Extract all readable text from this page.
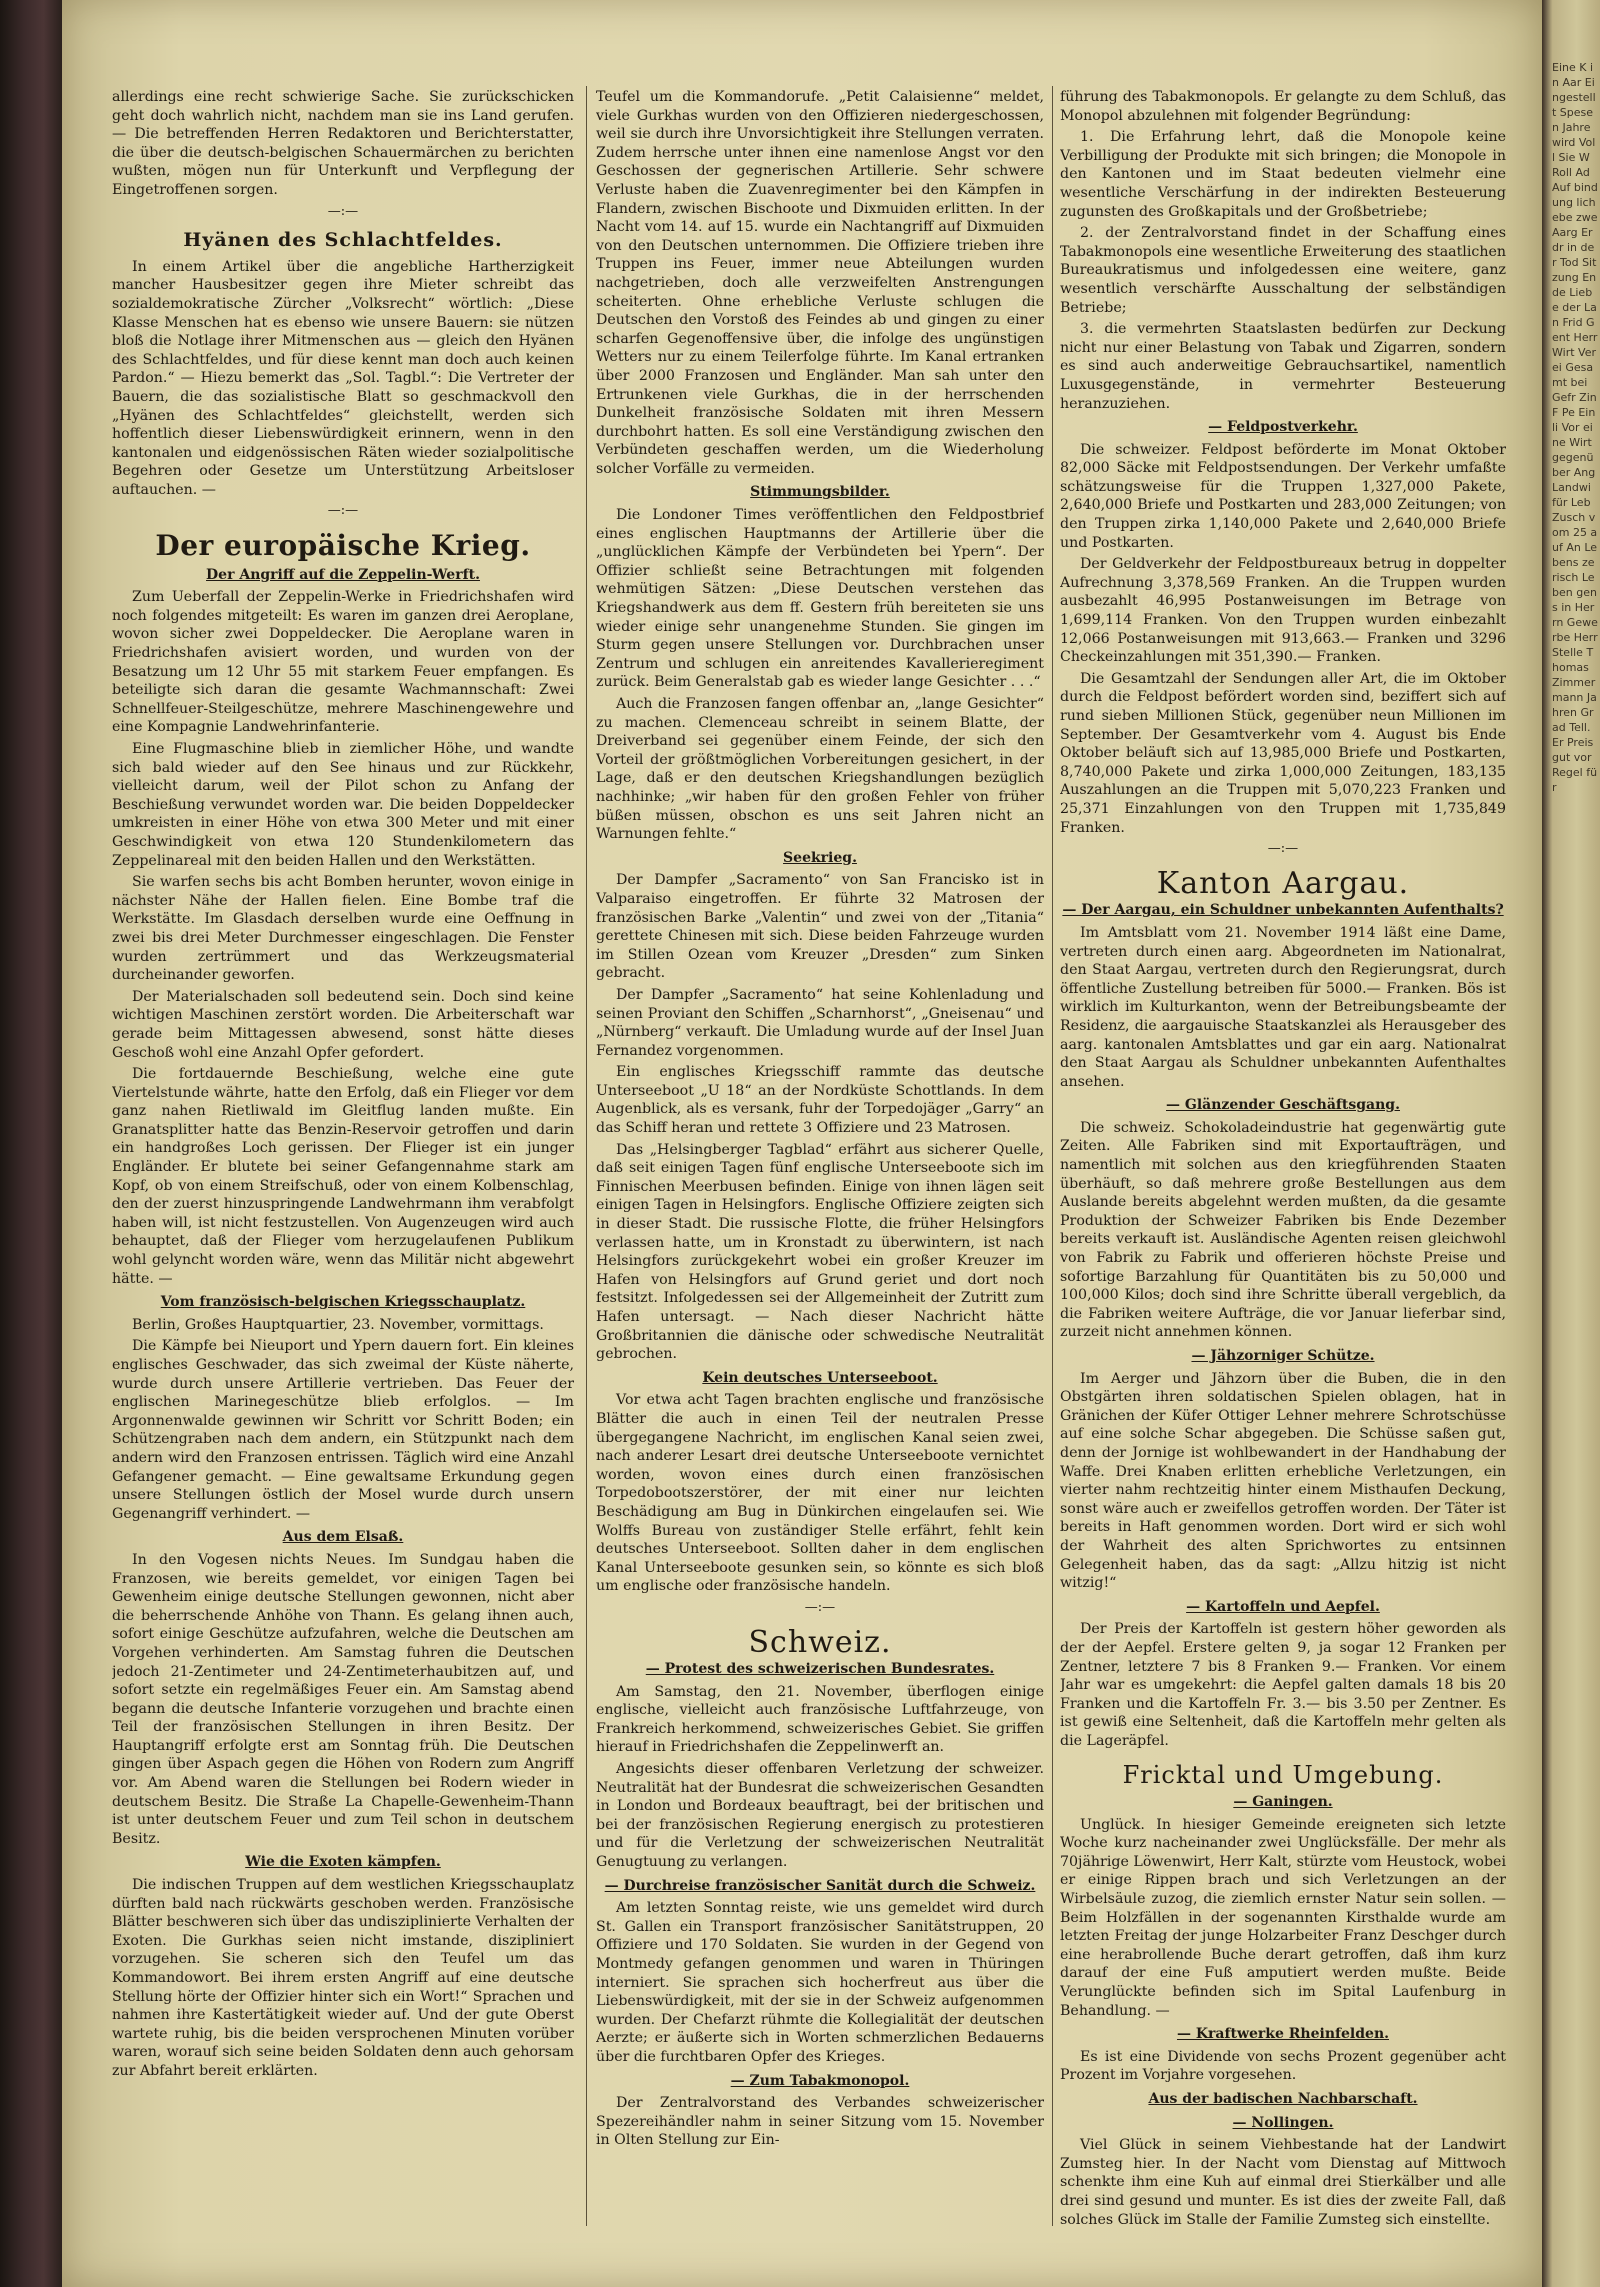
allerdings eine recht schwierige Sache. Sie zurückschicken geht doch wahrlich nicht, nachdem man sie ins Land gerufen. — Die betreffenden Herren Redaktoren und Berichterstatter, die über die deutsch-belgischen Schauermärchen zu berichten wußten, mögen nun für Unterkunft und Verpflegung der Eingetroffenen sorgen.

—:—
Hyänen des Schlachtfeldes.

In einem Artikel über die angebliche Hartherzigkeit mancher Hausbesitzer gegen ihre Mieter schreibt das sozialdemokratische Zürcher „Volksrecht“ wörtlich: „Diese Klasse Menschen hat es ebenso wie unsere Bauern: sie nützen bloß die Notlage ihrer Mitmenschen aus — gleich den Hyänen des Schlachtfeldes, und für diese kennt man doch auch keinen Pardon.“ — Hiezu bemerkt das „Sol. Tagbl.“: Die Vertreter der Bauern, die das sozialistische Blatt so geschmackvoll den „Hyänen des Schlachtfeldes“ gleichstellt, werden sich hoffentlich dieser Liebenswürdigkeit erinnern, wenn in den kantonalen und eidgenössischen Räten wieder sozialpolitische Begehren oder Gesetze um Unterstützung Arbeitsloser auftauchen. —

—:—
Der europäische Krieg.
Der Angriff auf die Zeppelin-Werft.

Zum Ueberfall der Zeppelin-Werke in Friedrichshafen wird noch folgendes mitgeteilt: Es waren im ganzen drei Aeroplane, wovon sicher zwei Doppeldecker. Die Aeroplane waren in Friedrichshafen avisiert worden, und wurden von der Besatzung um 12 Uhr 55 mit starkem Feuer empfangen. Es beteiligte sich daran die gesamte Wachmannschaft: Zwei Schnellfeuer-Steilgeschütze, mehrere Maschinengewehre und eine Kompagnie Landwehrinfanterie.

Eine Flugmaschine blieb in ziemlicher Höhe, und wandte sich bald wieder auf den See hinaus und zur Rückkehr, vielleicht darum, weil der Pilot schon zu Anfang der Beschießung verwundet worden war. Die beiden Doppeldecker umkreisten in einer Höhe von etwa 300 Meter und mit einer Geschwindigkeit von etwa 120 Stundenkilometern das Zeppelinareal mit den beiden Hallen und den Werkstätten.

Sie warfen sechs bis acht Bomben herunter, wovon einige in nächster Nähe der Hallen fielen. Eine Bombe traf die Werkstätte. Im Glasdach derselben wurde eine Oeffnung in zwei bis drei Meter Durchmesser eingeschlagen. Die Fenster wurden zertrümmert und das Werkzeugsmaterial durcheinander geworfen.

Der Materialschaden soll bedeutend sein. Doch sind keine wichtigen Maschinen zerstört worden. Die Arbeiterschaft war gerade beim Mittagessen abwesend, sonst hätte dieses Geschoß wohl eine Anzahl Opfer gefordert.

Die fortdauernde Beschießung, welche eine gute Viertelstunde währte, hatte den Erfolg, daß ein Flieger vor dem ganz nahen Rietliwald im Gleitflug landen mußte. Ein Granatsplitter hatte das Benzin-Reservoir getroffen und darin ein handgroßes Loch gerissen. Der Flieger ist ein junger Engländer. Er blutete bei seiner Gefangennahme stark am Kopf, ob von einem Streifschuß, oder von einem Kolbenschlag, den der zuerst hinzuspringende Landwehrmann ihm verabfolgt haben will, ist nicht festzustellen. Von Augenzeugen wird auch behauptet, daß der Flieger vom herzugelaufenen Publikum wohl gelyncht worden wäre, wenn das Militär nicht abgewehrt hätte. —

Vom französisch-belgischen Kriegsschauplatz.

Berlin, Großes Hauptquartier, 23. November, vormittags.

Die Kämpfe bei Nieuport und Ypern dauern fort. Ein kleines englisches Geschwader, das sich zweimal der Küste näherte, wurde durch unsere Artillerie vertrieben. Das Feuer der englischen Marinegeschütze blieb erfolglos. — Im Argonnenwalde gewinnen wir Schritt vor Schritt Boden; ein Schützengraben nach dem andern, ein Stützpunkt nach dem andern wird den Franzosen entrissen. Täglich wird eine Anzahl Gefangener gemacht. — Eine gewaltsame Erkundung gegen unsere Stellungen östlich der Mosel wurde durch unsern Gegenangriff verhindert. —

Aus dem Elsaß.

In den Vogesen nichts Neues. Im Sundgau haben die Franzosen, wie bereits gemeldet, vor einigen Tagen bei Gewenheim einige deutsche Stellungen gewonnen, nicht aber die beherrschende Anhöhe von Thann. Es gelang ihnen auch, sofort einige Geschütze aufzufahren, welche die Deutschen am Vorgehen verhinderten. Am Samstag fuhren die Deutschen jedoch 21-Zentimeter und 24-Zentimeterhaubitzen auf, und sofort setzte ein regelmäßiges Feuer ein. Am Samstag abend begann die deutsche Infanterie vorzugehen und brachte einen Teil der französischen Stellungen in ihren Besitz. Der Hauptangriff erfolgte erst am Sonntag früh. Die Deutschen gingen über Aspach gegen die Höhen von Rodern zum Angriff vor. Am Abend waren die Stellungen bei Rodern wieder in deutschem Besitz. Die Straße La Chapelle-Gewenheim-Thann ist unter deutschem Feuer und zum Teil schon in deutschem Besitz.

Wie die Exoten kämpfen.

Die indischen Truppen auf dem westlichen Kriegsschauplatz dürften bald nach rückwärts geschoben werden. Französische Blätter beschweren sich über das undisziplinierte Verhalten der Exoten. Die Gurkhas seien nicht imstande, diszipliniert vorzugehen. Sie scheren sich den Teufel um das Kommandowort. Bei ihrem ersten Angriff auf eine deutsche Stellung hörte der Offizier hinter sich ein Wort!“ Sprachen und nahmen ihre Kastertätigkeit wieder auf. Und der gute Oberst wartete ruhig, bis die beiden versprochenen Minuten vorüber waren, worauf sich seine beiden Soldaten denn auch gehorsam zur Abfahrt bereit erklärten.

Teufel um die Kommandorufe. „Petit Calaisienne“ meldet, viele Gurkhas wurden von den Offizieren niedergeschossen, weil sie durch ihre Unvorsichtigkeit ihre Stellungen verraten. Zudem herrsche unter ihnen eine namenlose Angst vor den Geschossen der gegnerischen Artillerie. Sehr schwere Verluste haben die Zuavenregimenter bei den Kämpfen in Flandern, zwischen Bischoote und Dixmuiden erlitten. In der Nacht vom 14. auf 15. wurde ein Nachtangriff auf Dixmuiden von den Deutschen unternommen. Die Offiziere trieben ihre Truppen ins Feuer, immer neue Abteilungen wurden nachgetrieben, doch alle verzweifelten Anstrengungen scheiterten. Ohne erhebliche Verluste schlugen die Deutschen den Vorstoß des Feindes ab und gingen zu einer scharfen Gegenoffensive über, die infolge des ungünstigen Wetters nur zu einem Teilerfolge führte. Im Kanal ertranken über 2000 Franzosen und Engländer. Man sah unter den Ertrunkenen viele Gurkhas, die in der herrschenden Dunkelheit französische Soldaten mit ihren Messern durchbohrt hatten. Es soll eine Verständigung zwischen den Verbündeten geschaffen werden, um die Wiederholung solcher Vorfälle zu vermeiden.

Stimmungsbilder.

Die Londoner Times veröffentlichen den Feldpostbrief eines englischen Hauptmanns der Artillerie über die „unglücklichen Kämpfe der Verbündeten bei Ypern“. Der Offizier schließt seine Betrachtungen mit folgenden wehmütigen Sätzen: „Diese Deutschen verstehen das Kriegshandwerk aus dem ff. Gestern früh bereiteten sie uns wieder einige sehr unangenehme Stunden. Sie gingen im Sturm gegen unsere Stellungen vor. Durchbrachen unser Zentrum und schlugen ein anreitendes Kavallerieregiment zurück. Beim Generalstab gab es wieder lange Gesichter . . .“

Auch die Franzosen fangen offenbar an, „lange Gesichter“ zu machen. Clemenceau schreibt in seinem Blatte, der Dreiverband sei gegenüber einem Feinde, der sich den Vorteil der größtmöglichen Vorbereitungen gesichert, in der Lage, daß er den deutschen Kriegshandlungen bezüglich nachhinke; „wir haben für den großen Fehler von früher büßen müssen, obschon es uns seit Jahren nicht an Warnungen fehlte.“

Seekrieg.

Der Dampfer „Sacramento“ von San Francisko ist in Valparaiso eingetroffen. Er führte 32 Matrosen der französischen Barke „Valentin“ und zwei von der „Titania“ gerettete Chinesen mit sich. Diese beiden Fahrzeuge wurden im Stillen Ozean vom Kreuzer „Dresden“ zum Sinken gebracht.

Der Dampfer „Sacramento“ hat seine Kohlenladung und seinen Proviant den Schiffen „Scharnhorst“, „Gneisenau“ und „Nürnberg“ verkauft. Die Umladung wurde auf der Insel Juan Fernandez vorgenommen.

Ein englisches Kriegsschiff rammte das deutsche Unterseeboot „U 18“ an der Nordküste Schottlands. In dem Augenblick, als es versank, fuhr der Torpedojäger „Garry“ an das Schiff heran und rettete 3 Offiziere und 23 Matrosen.

Das „Helsingberger Tagblad“ erfährt aus sicherer Quelle, daß seit einigen Tagen fünf englische Unterseeboote sich im Finnischen Meerbusen befinden. Einige von ihnen lägen seit einigen Tagen in Helsingfors. Englische Offiziere zeigten sich in dieser Stadt. Die russische Flotte, die früher Helsingfors verlassen hatte, um in Kronstadt zu überwintern, ist nach Helsingfors zurückgekehrt wobei ein großer Kreuzer im Hafen von Helsingfors auf Grund geriet und dort noch festsitzt. Infolgedessen sei der Allgemeinheit der Zutritt zum Hafen untersagt. — Nach dieser Nachricht hätte Großbritannien die dänische oder schwedische Neutralität gebrochen.

Kein deutsches Unterseeboot.

Vor etwa acht Tagen brachten englische und französische Blätter die auch in einen Teil der neutralen Presse übergegangene Nachricht, im englischen Kanal seien zwei, nach anderer Lesart drei deutsche Unterseeboote vernichtet worden, wovon eines durch einen französischen Torpedobootszerstörer, der mit einer nur leichten Beschädigung am Bug in Dünkirchen eingelaufen sei. Wie Wolffs Bureau von zuständiger Stelle erfährt, fehlt kein deutsches Unterseeboot. Sollten daher in dem englischen Kanal Unterseeboote gesunken sein, so könnte es sich bloß um englische oder französische handeln.

—:—
Schweiz.
— Protest des schweizerischen Bundesrates.

Am Samstag, den 21. November, überflogen einige englische, vielleicht auch französische Luftfahrzeuge, von Frankreich herkommend, schweizerisches Gebiet. Sie griffen hierauf in Friedrichshafen die Zeppelinwerft an.

Angesichts dieser offenbaren Verletzung der schweizer. Neutralität hat der Bundesrat die schweizerischen Gesandten in London und Bordeaux beauftragt, bei der britischen und bei der französischen Regierung energisch zu protestieren und für die Verletzung der schweizerischen Neutralität Genugtuung zu verlangen.

— Durchreise französischer Sanität durch die Schweiz.

Am letzten Sonntag reiste, wie uns gemeldet wird durch St. Gallen ein Transport französischer Sanitätstruppen, 20 Offiziere und 170 Soldaten. Sie wurden in der Gegend von Montmedy gefangen genommen und waren in Thüringen interniert. Sie sprachen sich hocherfreut aus über die Liebenswürdigkeit, mit der sie in der Schweiz aufgenommen wurden. Der Chefarzt rühmte die Kollegialität der deutschen Aerzte; er äußerte sich in Worten schmerzlichen Bedauerns über die furchtbaren Opfer des Krieges.

— Zum Tabakmonopol.

Der Zentralvorstand des Verbandes schweizerischer Spezereihändler nahm in seiner Sitzung vom 15. November in Olten Stellung zur Ein-

führung des Tabakmonopols. Er gelangte zu dem Schluß, das Monopol abzulehnen mit folgender Begründung:

1. Die Erfahrung lehrt, daß die Monopole keine Verbilligung der Produkte mit sich bringen; die Monopole in den Kantonen und im Staat bedeuten vielmehr eine wesentliche Verschärfung in der indirekten Besteuerung zugunsten des Großkapitals und der Großbetriebe;

2. der Zentralvorstand findet in der Schaffung eines Tabakmonopols eine wesentliche Erweiterung des staatlichen Bureaukratismus und infolgedessen eine weitere, ganz wesentlich verschärfte Ausschaltung der selbständigen Betriebe;

3. die vermehrten Staatslasten bedürfen zur Deckung nicht nur einer Belastung von Tabak und Zigarren, sondern es sind auch anderweitige Gebrauchsartikel, namentlich Luxusgegenstände, in vermehrter Besteuerung heranzuziehen.

— Feldpostverkehr.

Die schweizer. Feldpost beförderte im Monat Oktober 82,000 Säcke mit Feldpostsendungen. Der Verkehr umfaßte schätzungsweise für die Truppen 1,327,000 Pakete, 2,640,000 Briefe und Postkarten und 283,000 Zeitungen; von den Truppen zirka 1,140,000 Pakete und 2,640,000 Briefe und Postkarten.

Der Geldverkehr der Feldpostbureaux betrug in doppelter Aufrechnung 3,378,569 Franken. An die Truppen wurden ausbezahlt 46,995 Postanweisungen im Betrage von 1,699,114 Franken. Von den Truppen wurden einbezahlt 12,066 Postanweisungen mit 913,663.— Franken und 3296 Checkeinzahlungen mit 351,390.— Franken.

Die Gesamtzahl der Sendungen aller Art, die im Oktober durch die Feldpost befördert worden sind, beziffert sich auf rund sieben Millionen Stück, gegenüber neun Millionen im September. Der Gesamtverkehr vom 4. August bis Ende Oktober beläuft sich auf 13,985,000 Briefe und Postkarten, 8,740,000 Pakete und zirka 1,000,000 Zeitungen, 183,135 Auszahlungen an die Truppen mit 5,070,223 Franken und 25,371 Einzahlungen von den Truppen mit 1,735,849 Franken.

—:—
Kanton Aargau.
— Der Aargau, ein Schuldner unbekannten Aufenthalts?

Im Amtsblatt vom 21. November 1914 läßt eine Dame, vertreten durch einen aarg. Abgeordneten im Nationalrat, den Staat Aargau, vertreten durch den Regierungsrat, durch öffentliche Zustellung betreiben für 5000.— Franken. Bös ist wirklich im Kulturkanton, wenn der Betreibungsbeamte der Residenz, die aargauische Staatskanzlei als Herausgeber des aarg. kantonalen Amtsblattes und gar ein aarg. Nationalrat den Staat Aargau als Schuldner unbekannten Aufenthaltes ansehen.

— Glänzender Geschäftsgang.

Die schweiz. Schokoladeindustrie hat gegenwärtig gute Zeiten. Alle Fabriken sind mit Exportaufträgen, und namentlich mit solchen aus den kriegführenden Staaten überhäuft, so daß mehrere große Bestellungen aus dem Auslande bereits abgelehnt werden mußten, da die gesamte Produktion der Schweizer Fabriken bis Ende Dezember bereits verkauft ist. Ausländische Agenten reisen gleichwohl von Fabrik zu Fabrik und offerieren höchste Preise und sofortige Barzahlung für Quantitäten bis zu 50,000 und 100,000 Kilos; doch sind ihre Schritte überall vergeblich, da die Fabriken weitere Aufträge, die vor Januar lieferbar sind, zurzeit nicht annehmen können.

— Jähzorniger Schütze.

Im Aerger und Jähzorn über die Buben, die in den Obstgärten ihren soldatischen Spielen oblagen, hat in Gränichen der Küfer Ottiger Lehner mehrere Schrotschüsse auf eine solche Schar abgegeben. Die Schüsse saßen gut, denn der Jornige ist wohlbewandert in der Handhabung der Waffe. Drei Knaben erlitten erhebliche Verletzungen, ein vierter nahm rechtzeitig hinter einem Misthaufen Deckung, sonst wäre auch er zweifellos getroffen worden. Der Täter ist bereits in Haft genommen worden. Dort wird er sich wohl der Wahrheit des alten Sprichwortes zu entsinnen Gelegenheit haben, das da sagt: „Allzu hitzig ist nicht witzig!“

— Kartoffeln und Aepfel.

Der Preis der Kartoffeln ist gestern höher geworden als der der Aepfel. Erstere gelten 9, ja sogar 12 Franken per Zentner, letztere 7 bis 8 Franken 9.— Franken. Vor einem Jahr war es umgekehrt: die Aepfel galten damals 18 bis 20 Franken und die Kartoffeln Fr. 3.— bis 3.50 per Zentner. Es ist gewiß eine Seltenheit, daß die Kartoffeln mehr gelten als die Lageräpfel.

Fricktal und Umgebung.
— Ganingen.

Unglück. In hiesiger Gemeinde ereigneten sich letzte Woche kurz nacheinander zwei Unglücksfälle. Der mehr als 70jährige Löwenwirt, Herr Kalt, stürzte vom Heustock, wobei er einige Rippen brach und sich Verletzungen an der Wirbelsäule zuzog, die ziemlich ernster Natur sein sollen. — Beim Holzfällen in der sogenannten Kirsthalde wurde am letzten Freitag der junge Holzarbeiter Franz Deschger durch eine herabrollende Buche derart getroffen, daß ihm kurz darauf der eine Fuß amputiert werden mußte. Beide Verunglückte befinden sich im Spital Laufenburg in Behandlung. —

— Kraftwerke Rheinfelden.

Es ist eine Dividende von sechs Prozent gegenüber acht Prozent im Vorjahre vorgesehen.

Aus der badischen Nachbarschaft.
— Nollingen.

Viel Glück in seinem Viehbestande hat der Landwirt Zumsteg hier. In der Nacht vom Dienstag auf Mittwoch schenkte ihm eine Kuh auf einmal drei Stierkälber und alle drei sind gesund und munter. Es ist dies der zweite Fall, daß solches Glück im Stalle der Familie Zumsteg sich einstellte.

Eine K in Aar Eingestellt Spesen Jahre wird Voll Sie W Roll Ad Auf bindung lich ebe zwe Aarg Erdr in der Tod Sitzung Ende Liebe der Lan Frid Gent Herr Wirt Verei Gesamt bei Gefr Zin F Pe Einli Vor eine Wirt gegenüber Ang Landwi für Leb Zusch vom 25 auf An Lebens zerisch Leben gens in Herrn Gewerbe Herr Stelle Thomas Zimmermann Jahren Grad Tell. Er Preis gut vor Regel für
